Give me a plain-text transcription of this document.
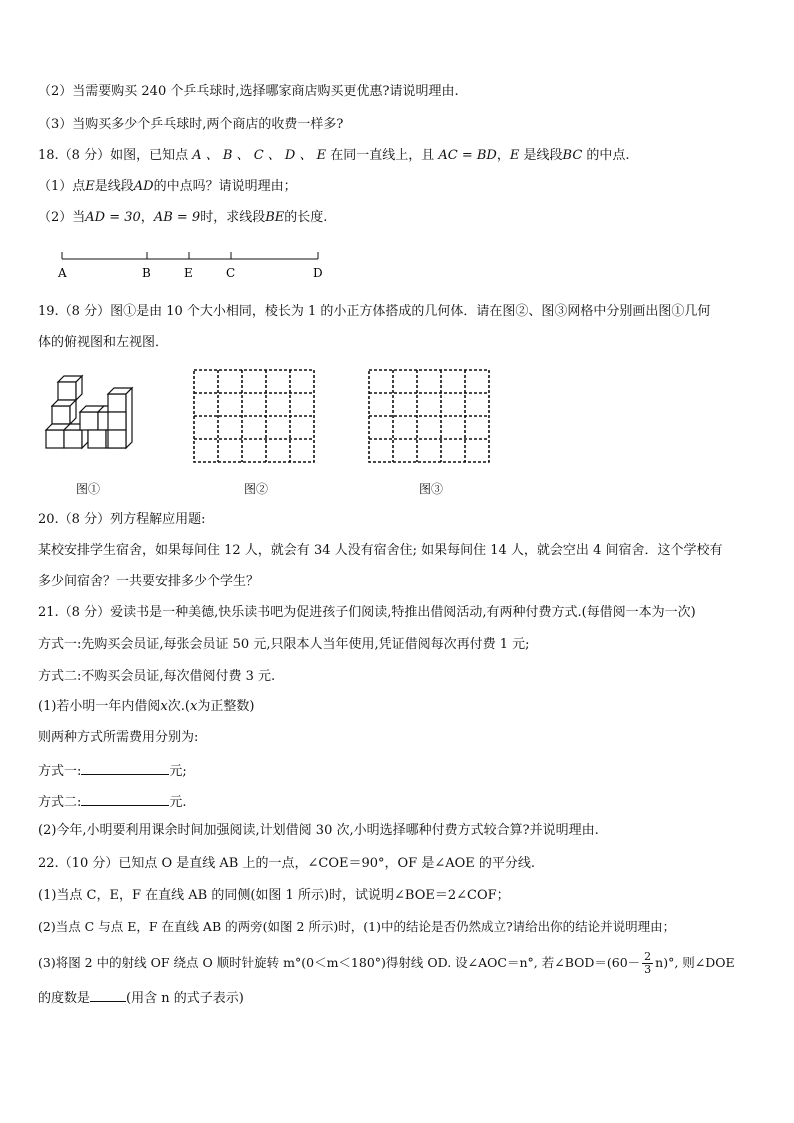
（2）当需要购买 240 个乒乓球时,选择哪家商店购买更优惠?请说明理由.
（3）当购买多少个乒乓球时,两个商店的收费一样多?
18.（8 分）如图，已知点 A 、 B 、 C 、 D 、 E 在同一直线上，且 AC = BD，E 是线段BC 的中点.
（1）点E是线段AD的中点吗？请说明理由；
（2）当AD = 30，AB = 9时，求线段BE的长度.
A	B	E	C	D
19.（8 分）图①是由 10 个大小相同，棱长为 1 的小正方体搭成的几何体．请在图②、图③网格中分别画出图①几何
体的俯视图和左视图．
图①	图②	图③
20.（8 分）列方程解应用题:
某校安排学生宿舍，如果每间住 12 人，就会有 34 人没有宿舍住; 如果每间住 14 人，就会空出 4 间宿舍．这个学校有
多少间宿舍？一共要安排多少个学生？
21.（8 分）爱读书是一种美德,快乐读书吧为促进孩子们阅读,特推出借阅活动,有两种付费方式.(每借阅一本为一次)
方式一:先购买会员证,每张会员证 50 元,只限本人当年使用,凭证借阅每次再付费 1 元;
方式二:不购买会员证,每次借阅付费 3 元.
(1)若小明一年内借阅x次.(x为正整数)
则两种方式所需费用分别为:
方式一:	元;
方式二:	元.
(2)今年,小明要利用课余时间加强阅读,计划借阅 30 次,小明选择哪种付费方式较合算?并说明理由.
22.（10 分）已知点 O 是直线 AB 上的一点，∠COE＝90°，OF 是∠AOE 的平分线.
(1)当点 C，E，F 在直线 AB 的同侧(如图 1 所示)时，试说明∠BOE＝2∠COF；
(2)当点 C 与点 E，F 在直线 AB 的两旁(如图 2 所示)时，(1)中的结论是否仍然成立?请给出你的结论并说明理由；
(3)将图 2 中的射线 OF 绕点 O 顺时针旋转 m°(0＜m＜180°)得射线 OD. 设∠AOC＝n°, 若∠BOD＝(60－ $\frac{2}{3} n)^\circ$, 则∠DOE
的度数是	(用含 n 的式子表示)
